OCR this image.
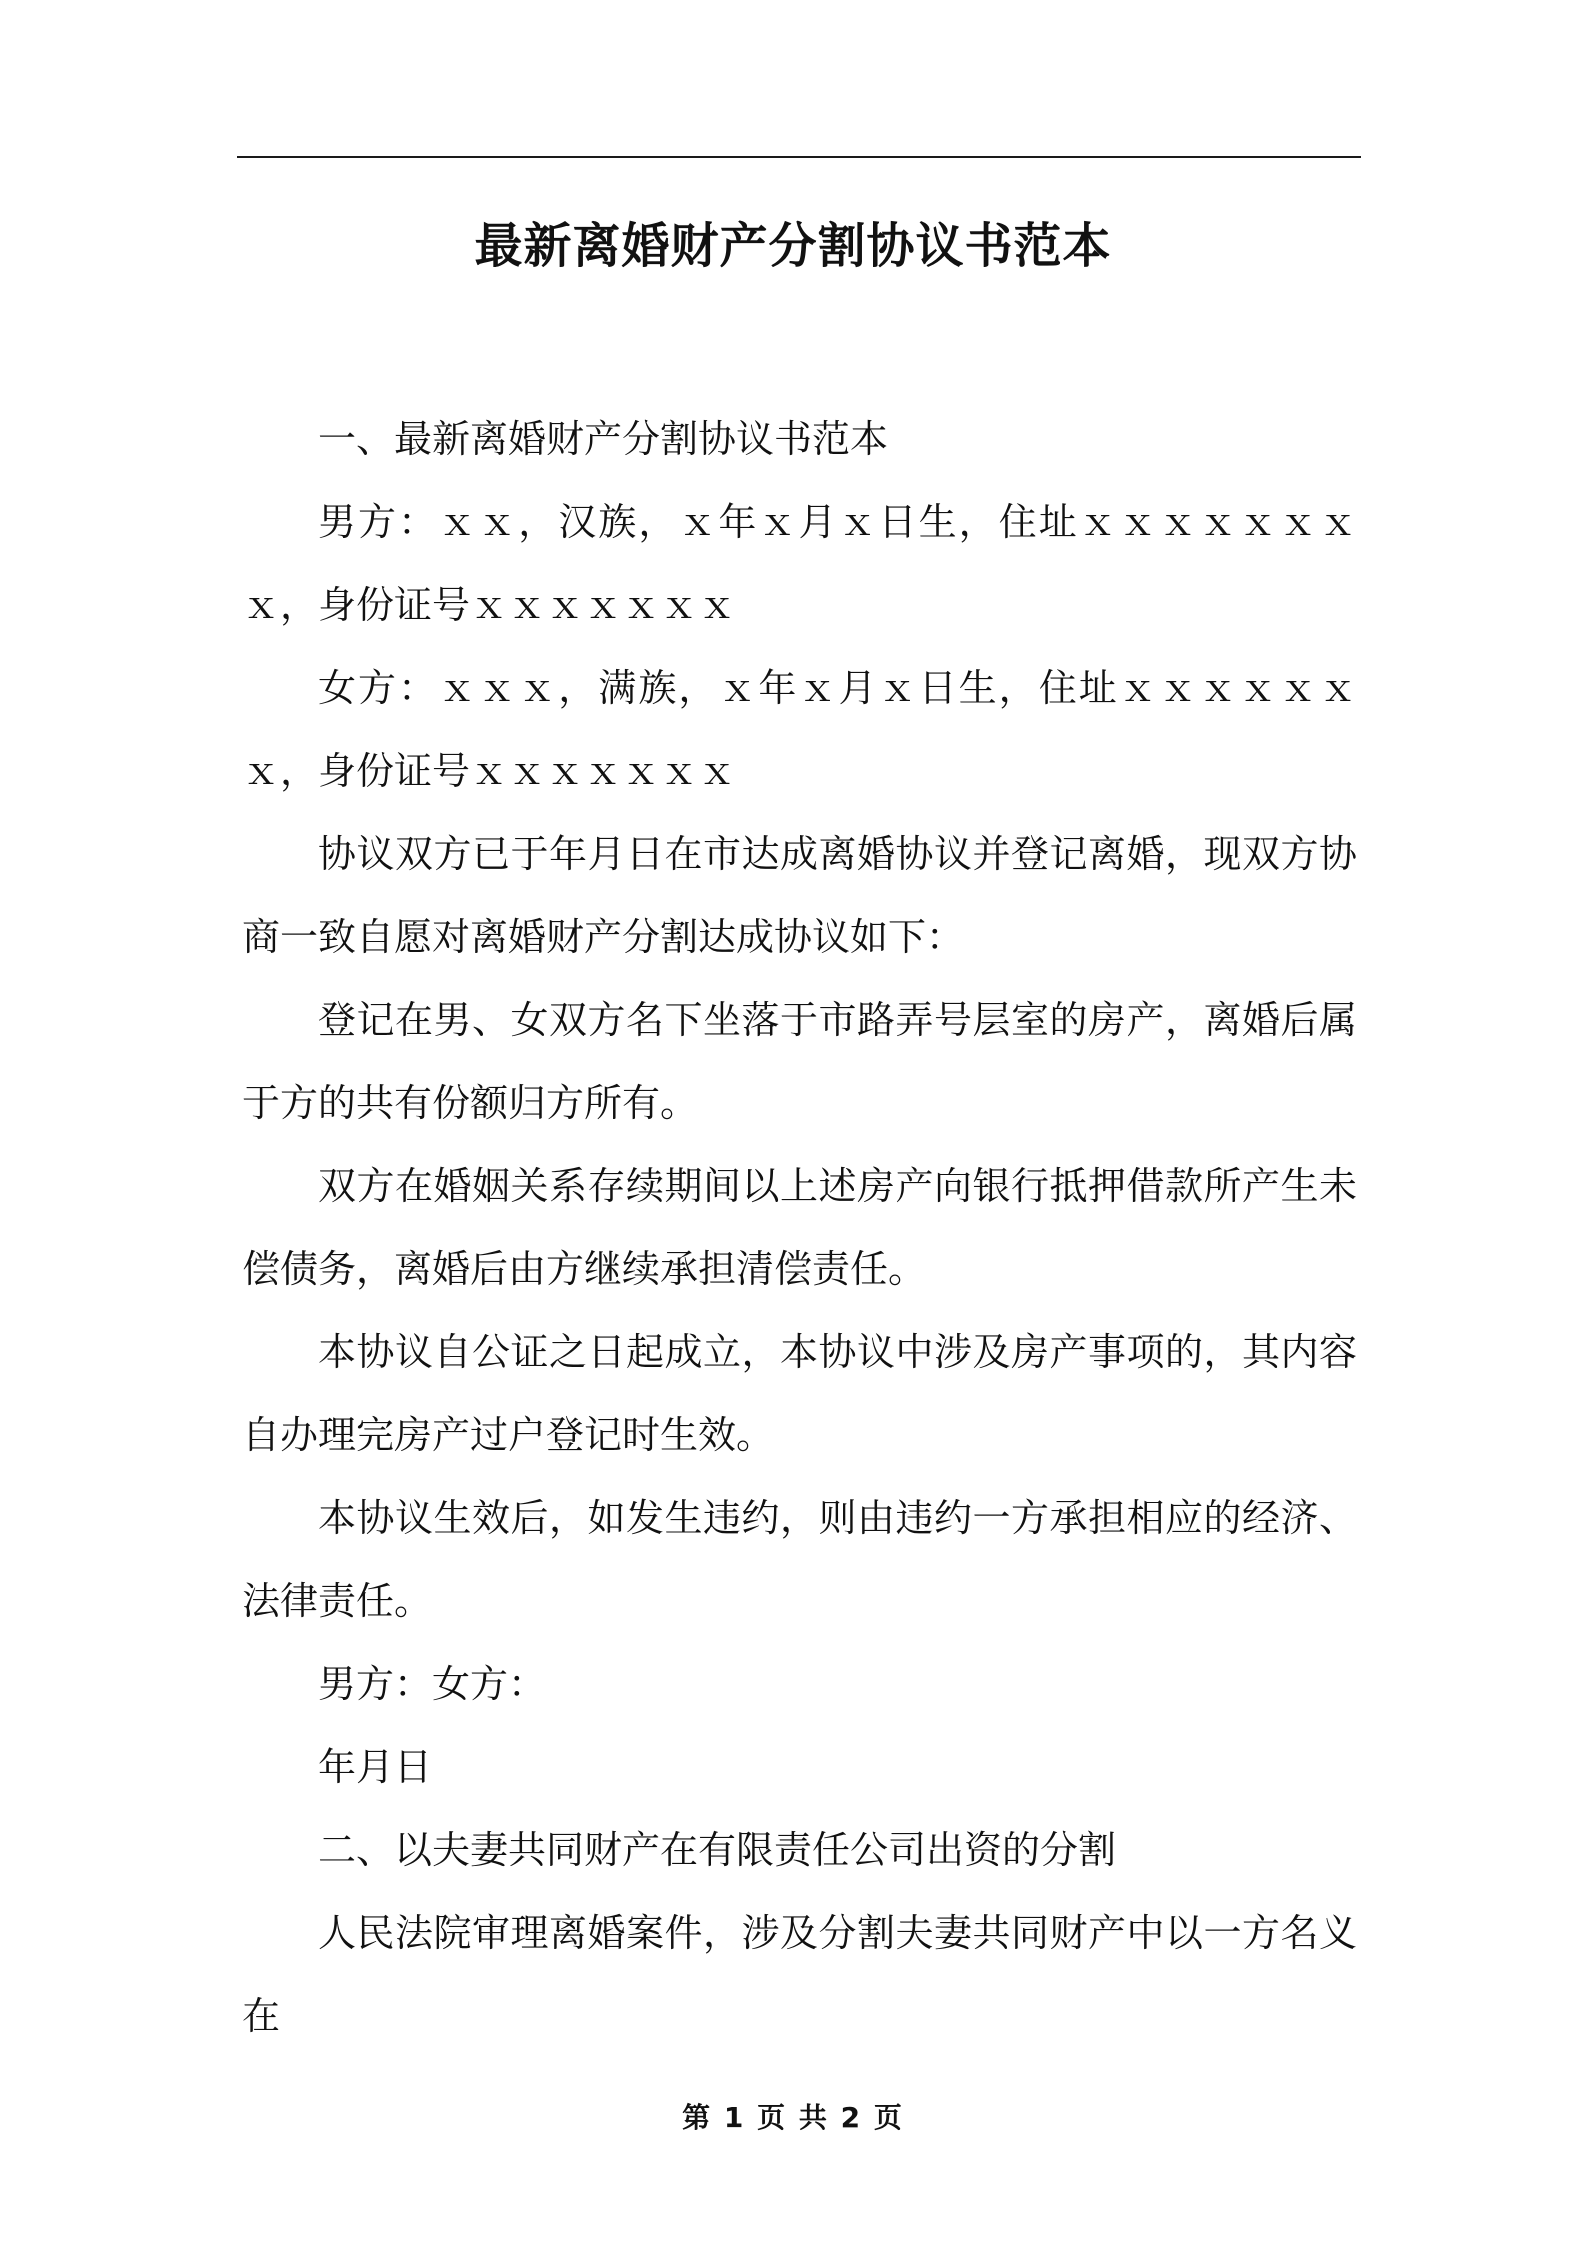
最新离婚财产分割协议书范本

一、最新离婚财产分割协议书范本

男方：ｘｘ，汉族，ｘ年ｘ月ｘ日生，住址ｘｘｘｘｘｘｘｘ，身份证号ｘｘｘｘｘｘｘ

女方：ｘｘｘ，满族，ｘ年ｘ月ｘ日生，住址ｘｘｘｘｘｘｘ，身份证号ｘｘｘｘｘｘｘ

协议双方已于年月日在市达成离婚协议并登记离婚，现双方协商一致自愿对离婚财产分割达成协议如下：

登记在男、女双方名下坐落于市路弄号层室的房产，离婚后属于方的共有份额归方所有。

双方在婚姻关系存续期间以上述房产向银行抵押借款所产生未偿债务，离婚后由方继续承担清偿责任。

本协议自公证之日起成立，本协议中涉及房产事项的，其内容自办理完房产过户登记时生效。

本协议生效后，如发生违约，则由违约一方承担相应的经济、法律责任。

男方：女方：

年月日

二、以夫妻共同财产在有限责任公司出资的分割

人民法院审理离婚案件，涉及分割夫妻共同财产中以一方名义在

第 1 页 共 2 页
